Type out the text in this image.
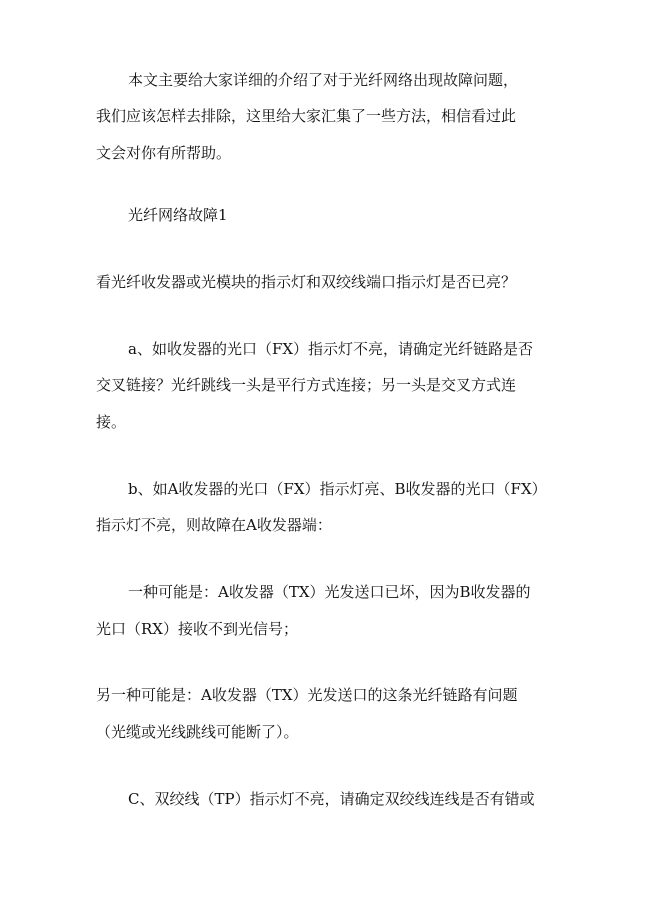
本文主要给大家详细的介绍了对于光纤网络出现故障问题，
我们应该怎样去排除，这里给大家汇集了一些方法，相信看过此
文会对你有所帮助。
光纤网络故障1
看光纤收发器或光模块的指示灯和双绞线端口指示灯是否已亮？
a、如收发器的光口（FX）指示灯不亮，请确定光纤链路是否
交叉链接？光纤跳线一头是平行方式连接；另一头是交叉方式连
接。
b、如A收发器的光口（FX）指示灯亮、B收发器的光口（FX）
指示灯不亮，则故障在A收发器端：
一种可能是：A收发器（TX）光发送口已坏，因为B收发器的
光口（RX）接收不到光信号；
另一种可能是：A收发器（TX）光发送口的这条光纤链路有问题
（光缆或光线跳线可能断了）。
C、双绞线（TP）指示灯不亮，请确定双绞线连线是否有错或
